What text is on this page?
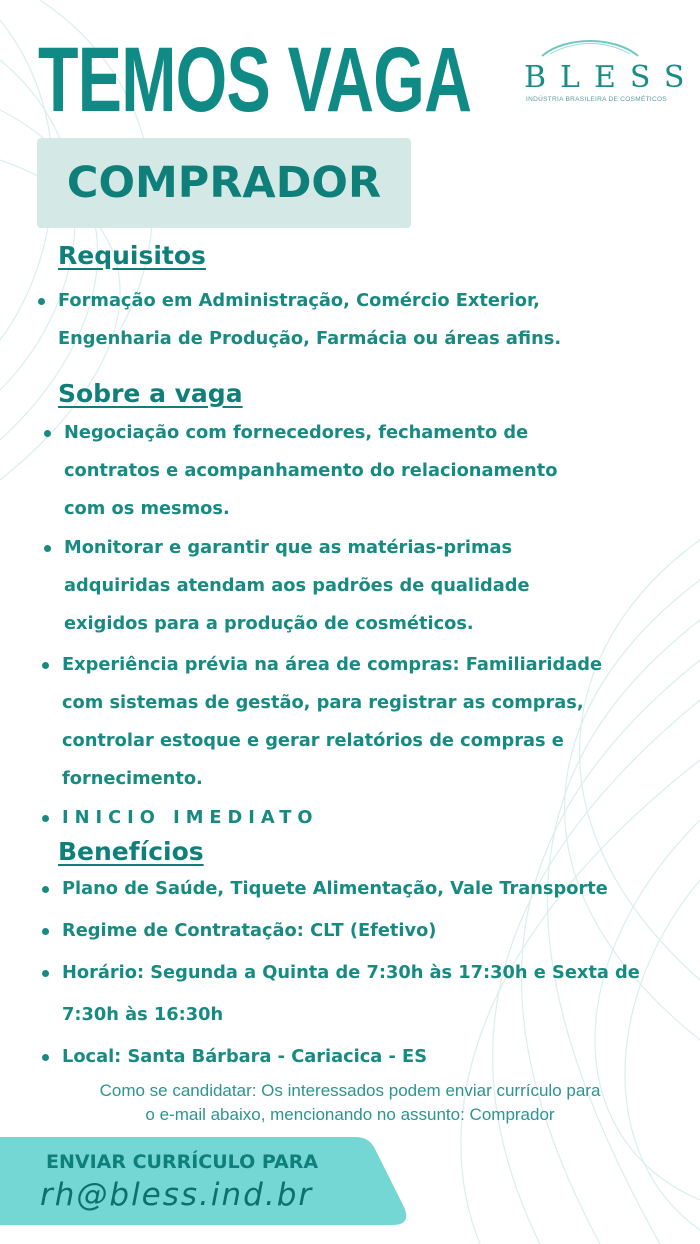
TEMOS VAGA BLESS
INDÚSTRIA BRASILEIRA DE COSMÉTICOS
COMPRADOR
Requisitos
Formação em Administração, Comércio Exterior,
Engenharia de Produção, Farmácia ou áreas afins.
Sobre a vaga
Negociação com fornecedores, fechamento de
contratos e acompanhamento do relacionamento
com os mesmos.
Monitorar e garantir que as matérias-primas
adquiridas atendam aos padrões de qualidade
exigidos para a produção de cosméticos.
Experiência prévia na área de compras: Familiaridade
com sistemas de gestão, para registrar as compras,
controlar estoque e gerar relatórios de compras e
fornecimento.
INICIO IMEDIATO
Benefícios
Plano de Saúde, Tiquete Alimentação, Vale Transporte
Regime de Contratação: CLT (Efetivo)
Horário: Segunda a Quinta de 7:30h às 17:30h e Sexta de
7:30h às 16:30h
Local: Santa Bárbara - Cariacica - ES
Como se candidatar: Os interessados podem enviar currículo para
o e-mail abaixo, mencionando no assunto: Comprador
ENVIAR CURRÍCULO PARA
rh@bless.ind.br
